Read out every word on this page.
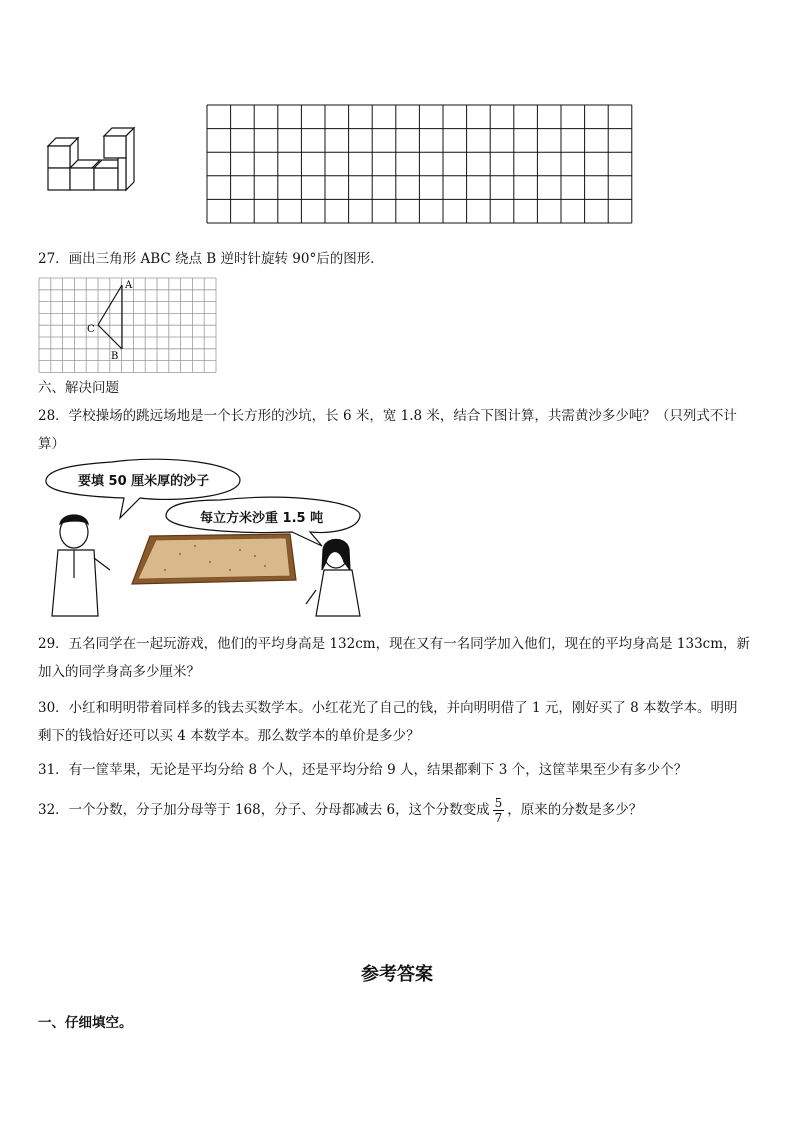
27．画出三角形 ABC 绕点 B 逆时针旋转 90°后的图形．
A
B
C
六、解决问题
28．学校操场的跳远场地是一个长方形的沙坑，长 6 米，宽 1.8 米，结合下图计算，共需黄沙多少吨？（只列式不计
算）
要填 50 厘米厚的沙子
每立方米沙重 1.5 吨
29．五名同学在一起玩游戏，他们的平均身高是 132cm，现在又有一名同学加入他们，现在的平均身高是 133cm，新
加入的同学身高多少厘米？
30．小红和明明带着同样多的钱去买数学本。小红花光了自己的钱，并向明明借了 1 元，刚好买了 8 本数学本。明明
剩下的钱恰好还可以买 4 本数学本。那么数学本的单价是多少？
31．有一筐苹果，无论是平均分给 8 个人，还是平均分给 9 人，结果都剩下 3 个，这筐苹果至少有多少个？
32．一个分数，分子加分母等于 168，分子、分母都减去 6，这个分数变成 $\frac{5}{7}$ ，原来的分数是多少？
参考答案
一、仔细填空。
